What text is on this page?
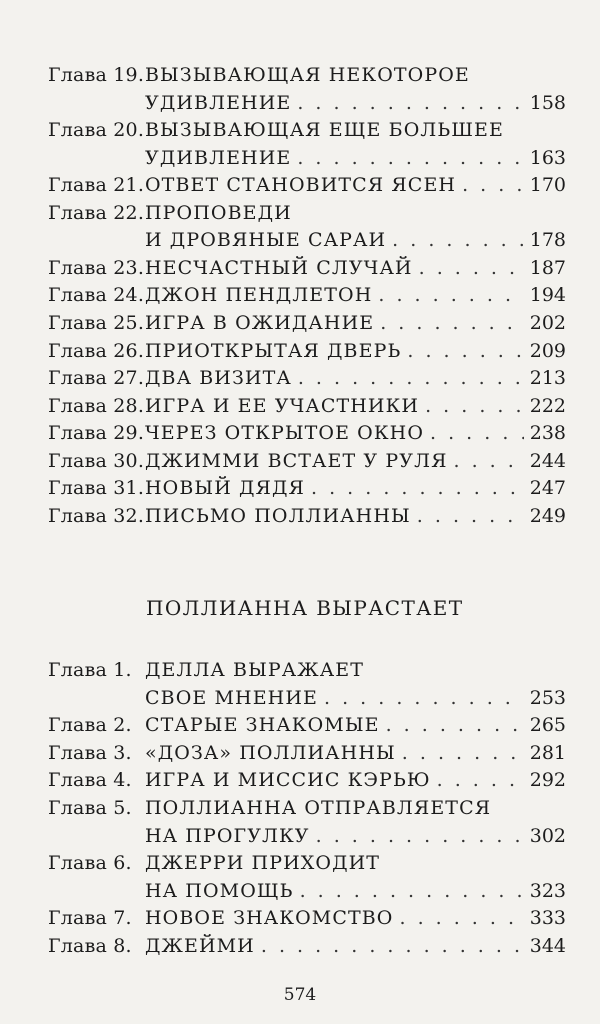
Глава 19. ВЫЗЫВАЮЩАЯ НЕКОТОРОЕ
УДИВЛЕНИЕ . . .	158
Глава 20. ВЫЗЫВАЮЩАЯ ЕЩЕ БОЛЬШЕЕ
УДИВЛЕНИЕ . . .	163
Глава 21. ОТВЕТ СТАНОВИТСЯ ЯСЕН . . .	170
Глава 22. ПРОПОВЕДИ
И ДРОВЯНЫЕ САРАИ . . .	178
Глава 23. НЕСЧАСТНЫЙ СЛУЧАЙ . . .	187
Глава 24. ДЖОН ПЕНДЛЕТОН . . .	194
Глава 25. ИГРА В ОЖИДАНИЕ . . .	202
Глава 26. ПРИОТКРЫТАЯ ДВЕРЬ . . .	209
Глава 27. ДВА ВИЗИТА . . .	213
Глава 28. ИГРА И ЕЕ УЧАСТНИКИ . . .	222
Глава 29. ЧЕРЕЗ ОТКРЫТОЕ ОКНО . . .	238
Глава 30. ДЖИММИ ВСТАЕТ У РУЛЯ . . .	244
Глава 31. НОВЫЙ ДЯДЯ . . .	247
Глава 32. ПИСЬМО ПОЛЛИАННЫ . . .	249
Глава 1. ДЕЛЛА ВЫРАЖАЕТ
СВОЕ МНЕНИЕ . . .	253
Глава 2. СТАРЫЕ ЗНАКОМЫЕ . . .	265
Глава 3. «ДОЗА» ПОЛЛИАННЫ . . .	281
Глава 4. ИГРА И МИССИС КЭРЬЮ . . .	292
Глава 5. ПОЛЛИАННА ОТПРАВЛЯЕТСЯ
НА ПРОГУЛКУ . . .	302
Глава 6. ДЖЕРРИ ПРИХОДИТ
НА ПОМОЩЬ . . .	323
Глава 7. НОВОЕ ЗНАКОМСТВО . . .	333
Глава 8. ДЖЕЙМИ . . .	344
ПОЛЛИАННА ВЫРАСТАЕТ
574
